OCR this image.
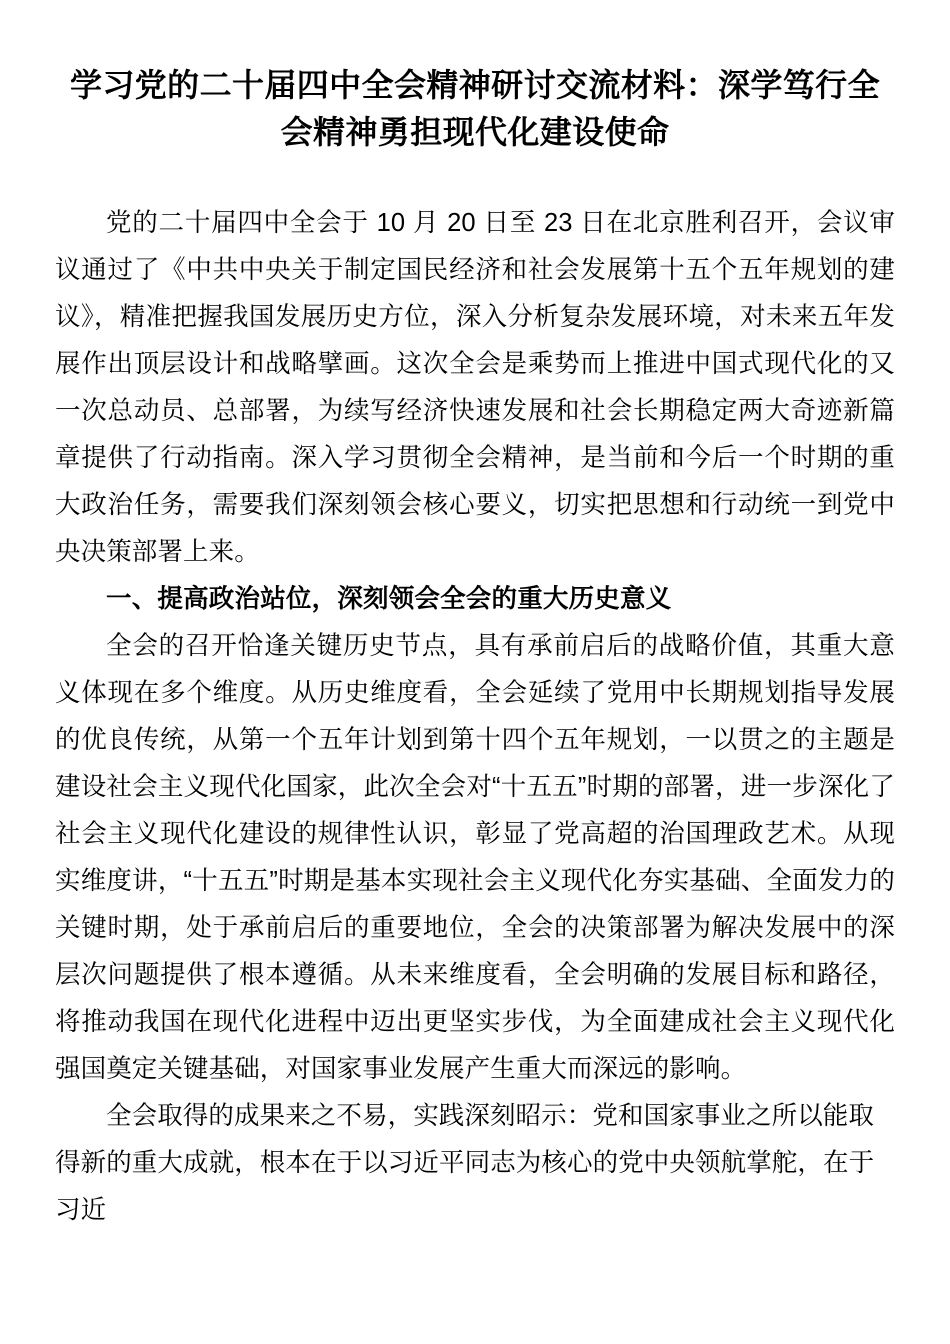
学习党的二十届四中全会精神研讨交流材料：深学笃行全会精神勇担现代化建设使命

党的二十届四中全会于 10 月 20 日至 23 日在北京胜利召开，会议审议通过了《中共中央关于制定国民经济和社会发展第十五个五年规划的建议》，精准把握我国发展历史方位，深入分析复杂发展环境，对未来五年发展作出顶层设计和战略擘画。这次全会是乘势而上推进中国式现代化的又一次总动员、总部署，为续写经济快速发展和社会长期稳定两大奇迹新篇章提供了行动指南。深入学习贯彻全会精神，是当前和今后一个时期的重大政治任务，需要我们深刻领会核心要义，切实把思想和行动统一到党中央决策部署上来。

一、提高政治站位，深刻领会全会的重大历史意义

全会的召开恰逢关键历史节点，具有承前启后的战略价值，其重大意义体现在多个维度。从历史维度看，全会延续了党用中长期规划指导发展的优良传统，从第一个五年计划到第十四个五年规划，一以贯之的主题是建设社会主义现代化国家，此次全会对“十五五”时期的部署，进一步深化了社会主义现代化建设的规律性认识，彰显了党高超的治国理政艺术。从现实维度讲，“十五五”时期是基本实现社会主义现代化夯实基础、全面发力的关键时期，处于承前启后的重要地位，全会的决策部署为解决发展中的深层次问题提供了根本遵循。从未来维度看，全会明确的发展目标和路径，将推动我国在现代化进程中迈出更坚实步伐，为全面建成社会主义现代化强国奠定关键基础，对国家事业发展产生重大而深远的影响。

全会取得的成果来之不易，实践深刻昭示：党和国家事业之所以能取得新的重大成就，根本在于以习近平同志为核心的党中央领航掌舵，在于习近
